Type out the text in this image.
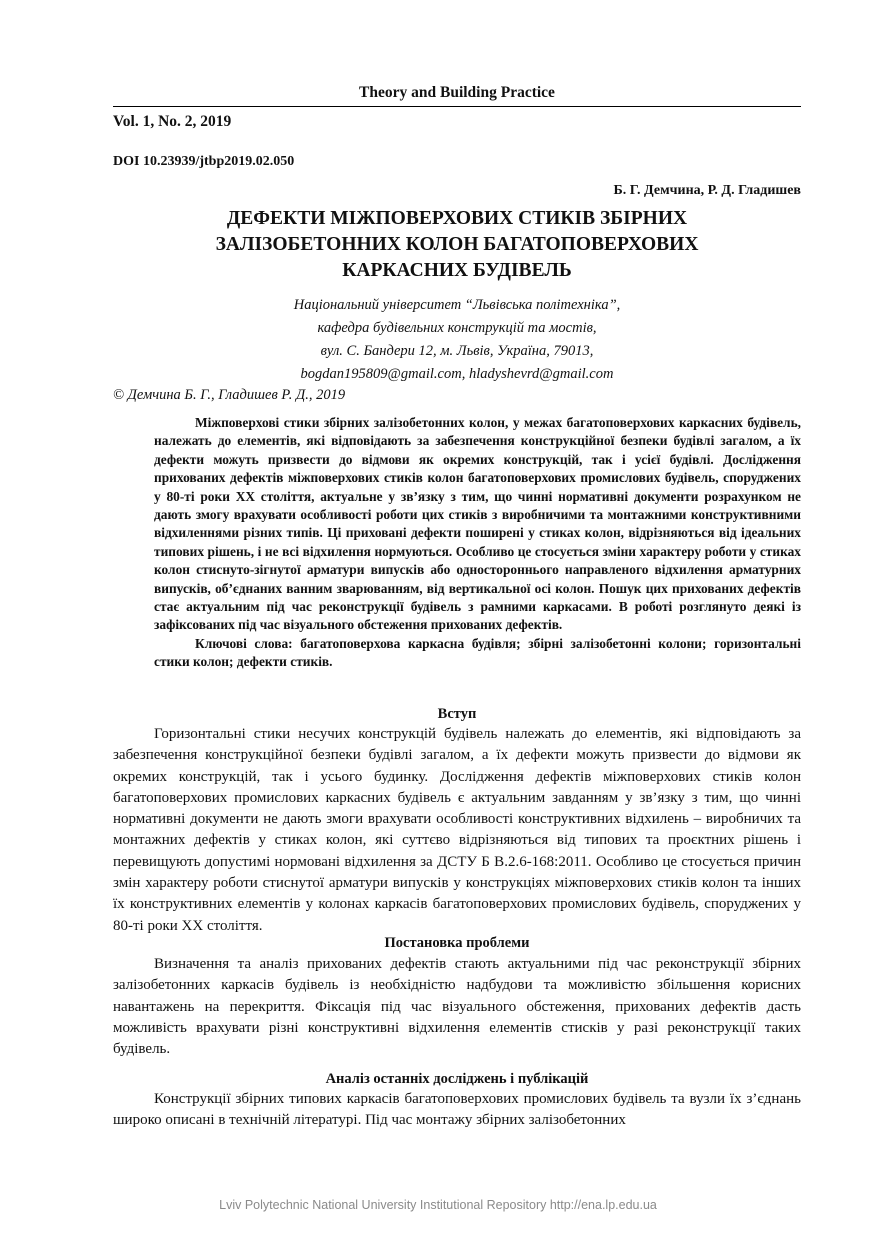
Theory and Building Practice
Vol. 1, No. 2, 2019
DOI 10.23939/jtbp2019.02.050
Б. Г. Демчина, Р. Д. Гладишев
ДЕФЕКТИ МІЖПОВЕРХОВИХ СТИКІВ ЗБІРНИХ
ЗАЛІЗОБЕТОННИХ КОЛОН БАГАТОПОВЕРХОВИХ
КАРКАСНИХ БУДІВЕЛЬ
Національний університет “Львівська політехніка”,
кафедра будівельних конструкцій та мостів,
вул. С. Бандери 12, м. Львів, Україна, 79013,
bogdan195809@gmail.com, hladyshevrd@gmail.com
© Демчина Б. Г., Гладишев Р. Д., 2019

Міжповерхові стики збірних залізобетонних колон, у межах багатоповерхових каркасних будівель, належать до елементів, які відповідають за забезпечення конструкційної безпеки будівлі загалом, а їх дефекти можуть призвести до відмови як окремих конструкцій, так і усієї будівлі. Дослідження прихованих дефектів міжповерхових стиків колон багатоповерхових промислових будівель, споруджених у 80-ті роки XX століття, актуальне у зв’язку з тим, що чинні нормативні документи розрахунком не дають змогу врахувати особливості роботи цих стиків з виробничими та монтажними конструктивними відхиленнями різних типів. Ці приховані дефекти поширені у стиках колон, відрізняються від ідеальних типових рішень, і не всі відхилення нормуються. Особливо це стосується зміни характеру роботи у стиках колон стиснуто-зігнутої арматури випусків або одностороннього направленого відхилення арматурних випусків, об’єднаних ванним зварюванням, від вертикальної осі колон. Пошук цих прихованих дефектів стає актуальним під час реконструкції будівель з рамними каркасами. В роботі розглянуто деякі із зафіксованих під час візуального обстеження прихованих дефектів.

Ключові слова: багатоповерхова каркасна будівля; збірні залізобетонні колони; горизонтальні стики колон; дефекти стиків.

Вступ

Горизонтальні стики несучих конструкцій будівель належать до елементів, які відповідають за забезпечення конструкційної безпеки будівлі загалом, а їх дефекти можуть призвести до відмови як окремих конструкцій, так і усього будинку. Дослідження дефектів міжповерхових стиків колон багатоповерхових промислових каркасних будівель є актуальним завданням у зв’язку з тим, що чинні нормативні документи не дають змоги врахувати особливості конструктивних відхилень – виробничих та монтажних дефектів у стиках колон, які суттєво відрізняються від типових та проєктних рішень і перевищують допустимі нормовані відхилення за ДСТУ Б В.2.6-168:2011. Особливо це стосується причин змін характеру роботи стиснутої арматури випусків у конструкціях міжповерхових стиків колон та інших їх конструктивних елементів у колонах каркасів багатоповерхових промислових будівель, споруджених у 80-ті роки XX століття.

Постановка проблеми

Визначення та аналіз прихованих дефектів стають актуальними під час реконструкції збірних залізобетонних каркасів будівель із необхідністю надбудови та можливістю збільшення корисних навантажень на перекриття. Фіксація під час візуального обстеження, прихованих дефектів дасть можливість врахувати різні конструктивні відхилення елементів стисків у разі реконструкції таких будівель.

Аналіз останніх досліджень і публікацій

Конструкції збірних типових каркасів багатоповерхових промислових будівель та вузли їх з’єднань широко описані в технічній літературі. Під час монтажу збірних залізобетонних

Lviv Polytechnic National University Institutional Repository http://ena.lp.edu.ua
